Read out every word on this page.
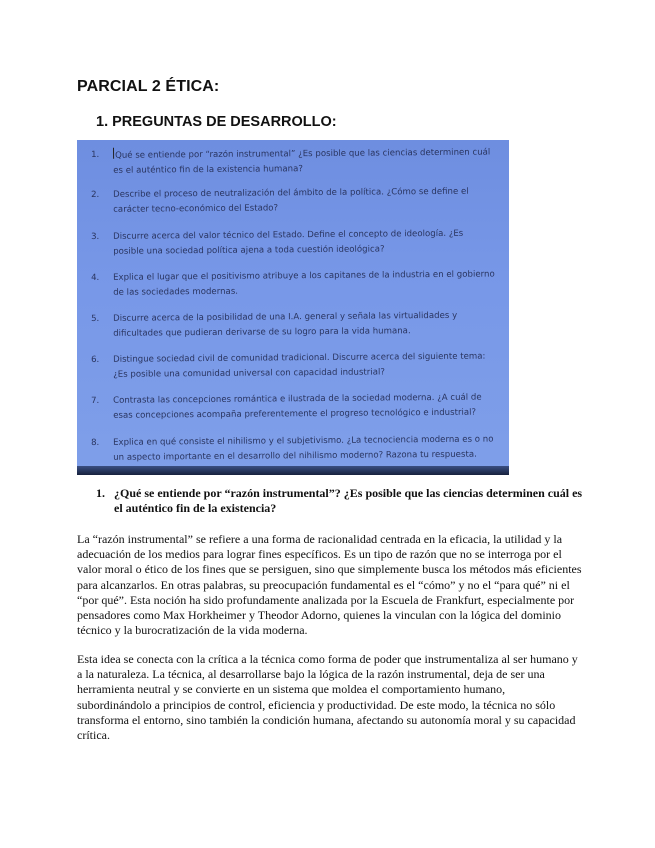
PARCIAL 2 ÉTICA:
1. PREGUNTAS DE DESARROLLO:
1.	Qué se entiende por “razón instrumental” ¿Es posible que las ciencias determinen cuál es el auténtico fin de la existencia humana?
2.	Describe el proceso de neutralización del ámbito de la política. ¿Cómo se define el carácter tecno-económico del Estado?
3.	Discurre acerca del valor técnico del Estado. Define el concepto de ideología. ¿Es posible una sociedad política ajena a toda cuestión ideológica?
4.	Explica el lugar que el positivismo atribuye a los capitanes de la industria en el gobierno de las sociedades modernas.
5.	Discurre acerca de la posibilidad de una I.A. general y señala las virtualidades y dificultades que pudieran derivarse de su logro para la vida humana.
6.	Distingue sociedad civil de comunidad tradicional. Discurre acerca del siguiente tema: ¿Es posible una comunidad universal con capacidad industrial?
7.	Contrasta las concepciones romántica e ilustrada de la sociedad moderna. ¿A cuál de esas concepciones acompaña preferentemente el progreso tecnológico e industrial?
8.	Explica en qué consiste el nihilismo y el subjetivismo. ¿La tecnociencia moderna es o no un aspecto importante en el desarrollo del nihilismo moderno? Razona tu respuesta.
1. ¿Qué se entiende por “razón instrumental”? ¿Es posible que las ciencias determinen cuál es el auténtico fin de la existencia?
La “razón instrumental” se refiere a una forma de racionalidad centrada en la eficacia, la utilidad y la adecuación de los medios para lograr fines específicos. Es un tipo de razón que no se interroga por el valor moral o ético de los fines que se persiguen, sino que simplemente busca los métodos más eficientes para alcanzarlos. En otras palabras, su preocupación fundamental es el “cómo” y no el “para qué” ni el “por qué”. Esta noción ha sido profundamente analizada por la Escuela de Frankfurt, especialmente por pensadores como Max Horkheimer y Theodor Adorno, quienes la vinculan con la lógica del dominio técnico y la burocratización de la vida moderna.
Esta idea se conecta con la crítica a la técnica como forma de poder que instrumentaliza al ser humano y a la naturaleza. La técnica, al desarrollarse bajo la lógica de la razón instrumental, deja de ser una herramienta neutral y se convierte en un sistema que moldea el comportamiento humano, subordinándolo a principios de control, eficiencia y productividad. De este modo, la técnica no sólo transforma el entorno, sino también la condición humana, afectando su autonomía moral y su capacidad crítica.
